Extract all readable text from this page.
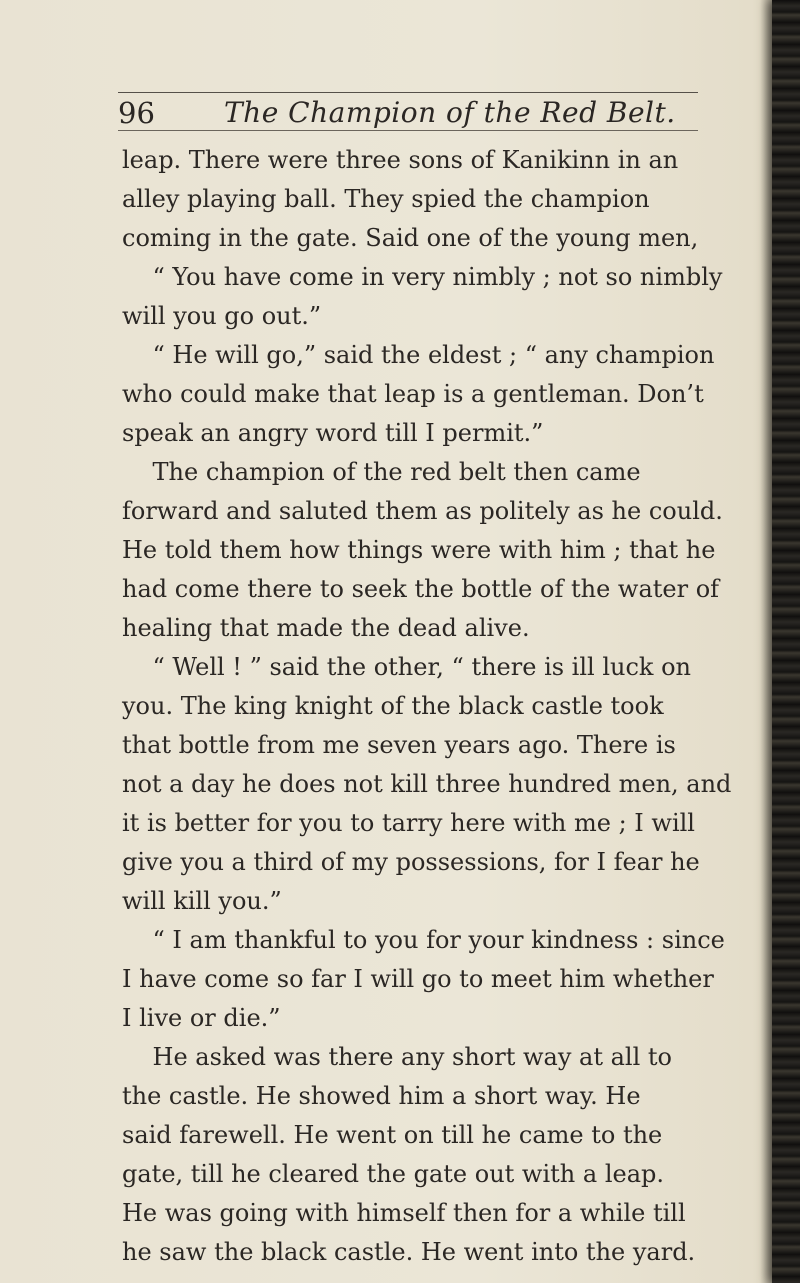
96 The Champion of the Red Belt.
leap. There were three sons of Kanikinn in an
alley playing ball. They spied the champion
coming in the gate. Said one of the young men,
“ You have come in very nimbly ; not so nimbly
will you go out.”
“ He will go,” said the eldest ; “ any champion
who could make that leap is a gentleman. Don’t
speak an angry word till I permit.”
The champion of the red belt then came
forward and saluted them as politely as he could.
He told them how things were with him ; that he
had come there to seek the bottle of the water of
healing that made the dead alive.
“ Well ! ” said the other, “ there is ill luck on
you. The king knight of the black castle took
that bottle from me seven years ago. There is
not a day he does not kill three hundred men, and
it is better for you to tarry here with me ; I will
give you a third of my possessions, for I fear he
will kill you.”
“ I am thankful to you for your kindness : since
I have come so far I will go to meet him whether
I live or die.”
He asked was there any short way at all to
the castle. He showed him a short way. He
said farewell. He went on till he came to the
gate, till he cleared the gate out with a leap.
He was going with himself then for a while till
he saw the black castle. He went into the yard.
